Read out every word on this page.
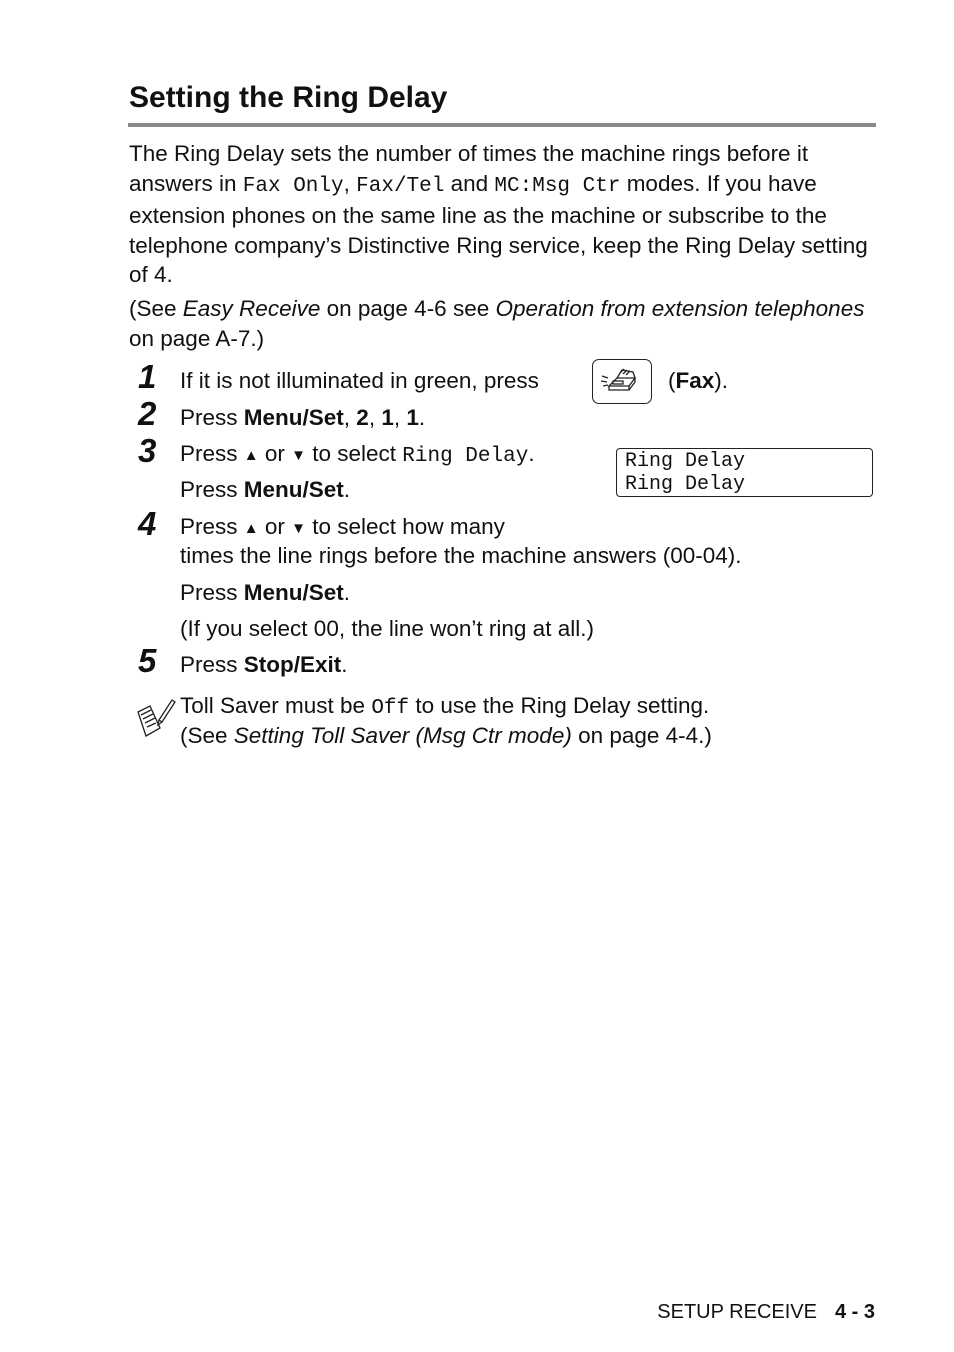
Setting the Ring Delay
The Ring Delay sets the number of times the machine rings before it answers in Fax Only, Fax/Tel and MC:Msg Ctr modes. If you have extension phones on the same line as the machine or subscribe to the telephone company’s Distinctive Ring service, keep the Ring Delay setting of 4.
(See Easy Receive on page 4-6 see Operation from extension telephones on page A-7.)
1 If it is not illuminated in green, press	(Fax).
2 Press Menu/Set, 2, 1, 1.
3 Press ▲ or ▼ to select Ring Delay.
Press Menu/Set.
Ring Delay
Ring Delay
4 Press ▲ or ▼ to select how many
times the line rings before the machine answers (00-04).
Press Menu/Set.
(If you select 00, the line won’t ring at all.)
5 Press Stop/Exit.
Toll Saver must be Off to use the Ring Delay setting.
(See Setting Toll Saver (Msg Ctr mode) on page 4-4.)
SETUP RECEIVE 4 - 3
